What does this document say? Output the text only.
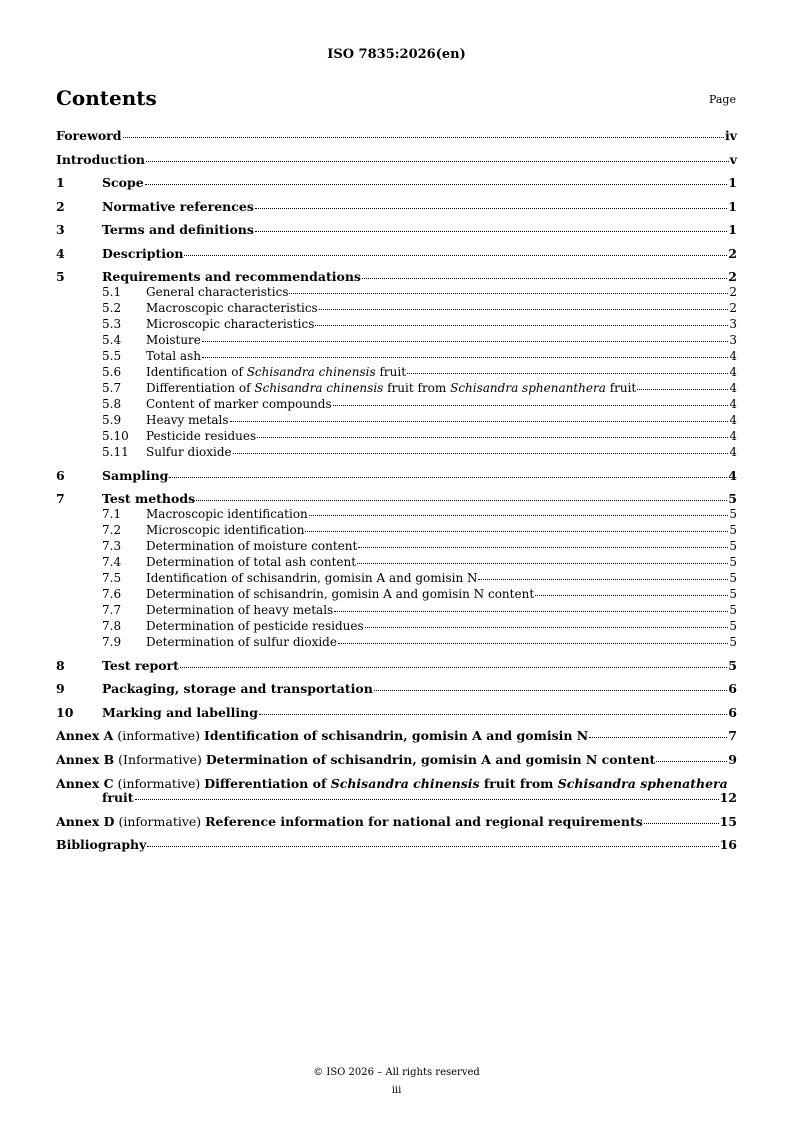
ISO 7835:2026(en)
Contents	Page
Foreword	iv
Introduction	v
1	Scope	1
2	Normative references	1
3	Terms and definitions	1
4	Description	2
5	Requirements and recommendations	2
5.1	General characteristics	2
5.2	Macroscopic characteristics	2
5.3	Microscopic characteristics	3
5.4	Moisture	3
5.5	Total ash	4
5.6	Identification of Schisandra chinensis fruit	4
5.7	Differentiation of Schisandra chinensis fruit from Schisandra sphenanthera fruit	4
5.8	Content of marker compounds	4
5.9	Heavy metals	4
5.10	Pesticide residues	4
5.11	Sulfur dioxide	4
6	Sampling	4
7	Test methods	5
7.1	Macroscopic identification	5
7.2	Microscopic identification	5
7.3	Determination of moisture content	5
7.4	Determination of total ash content	5
7.5	Identification of schisandrin, gomisin A and gomisin N	5
7.6	Determination of schisandrin, gomisin A and gomisin N content	5
7.7	Determination of heavy metals	5
7.8	Determination of pesticide residues	5
7.9	Determination of sulfur dioxide	5
8	Test report	5
9	Packaging, storage and transportation	6
10	Marking and labelling	6
Annex A (informative) Identification of schisandrin, gomisin A and gomisin N	7
Annex B (Informative) Determination of schisandrin, gomisin A and gomisin N content	9
Annex C (informative) Differentiation of Schisandra chinensis fruit from Schisandra sphenathera
fruit	12
Annex D (informative) Reference information for national and regional requirements	15
Bibliography	16
© ISO 2026 – All rights reserved
iii
